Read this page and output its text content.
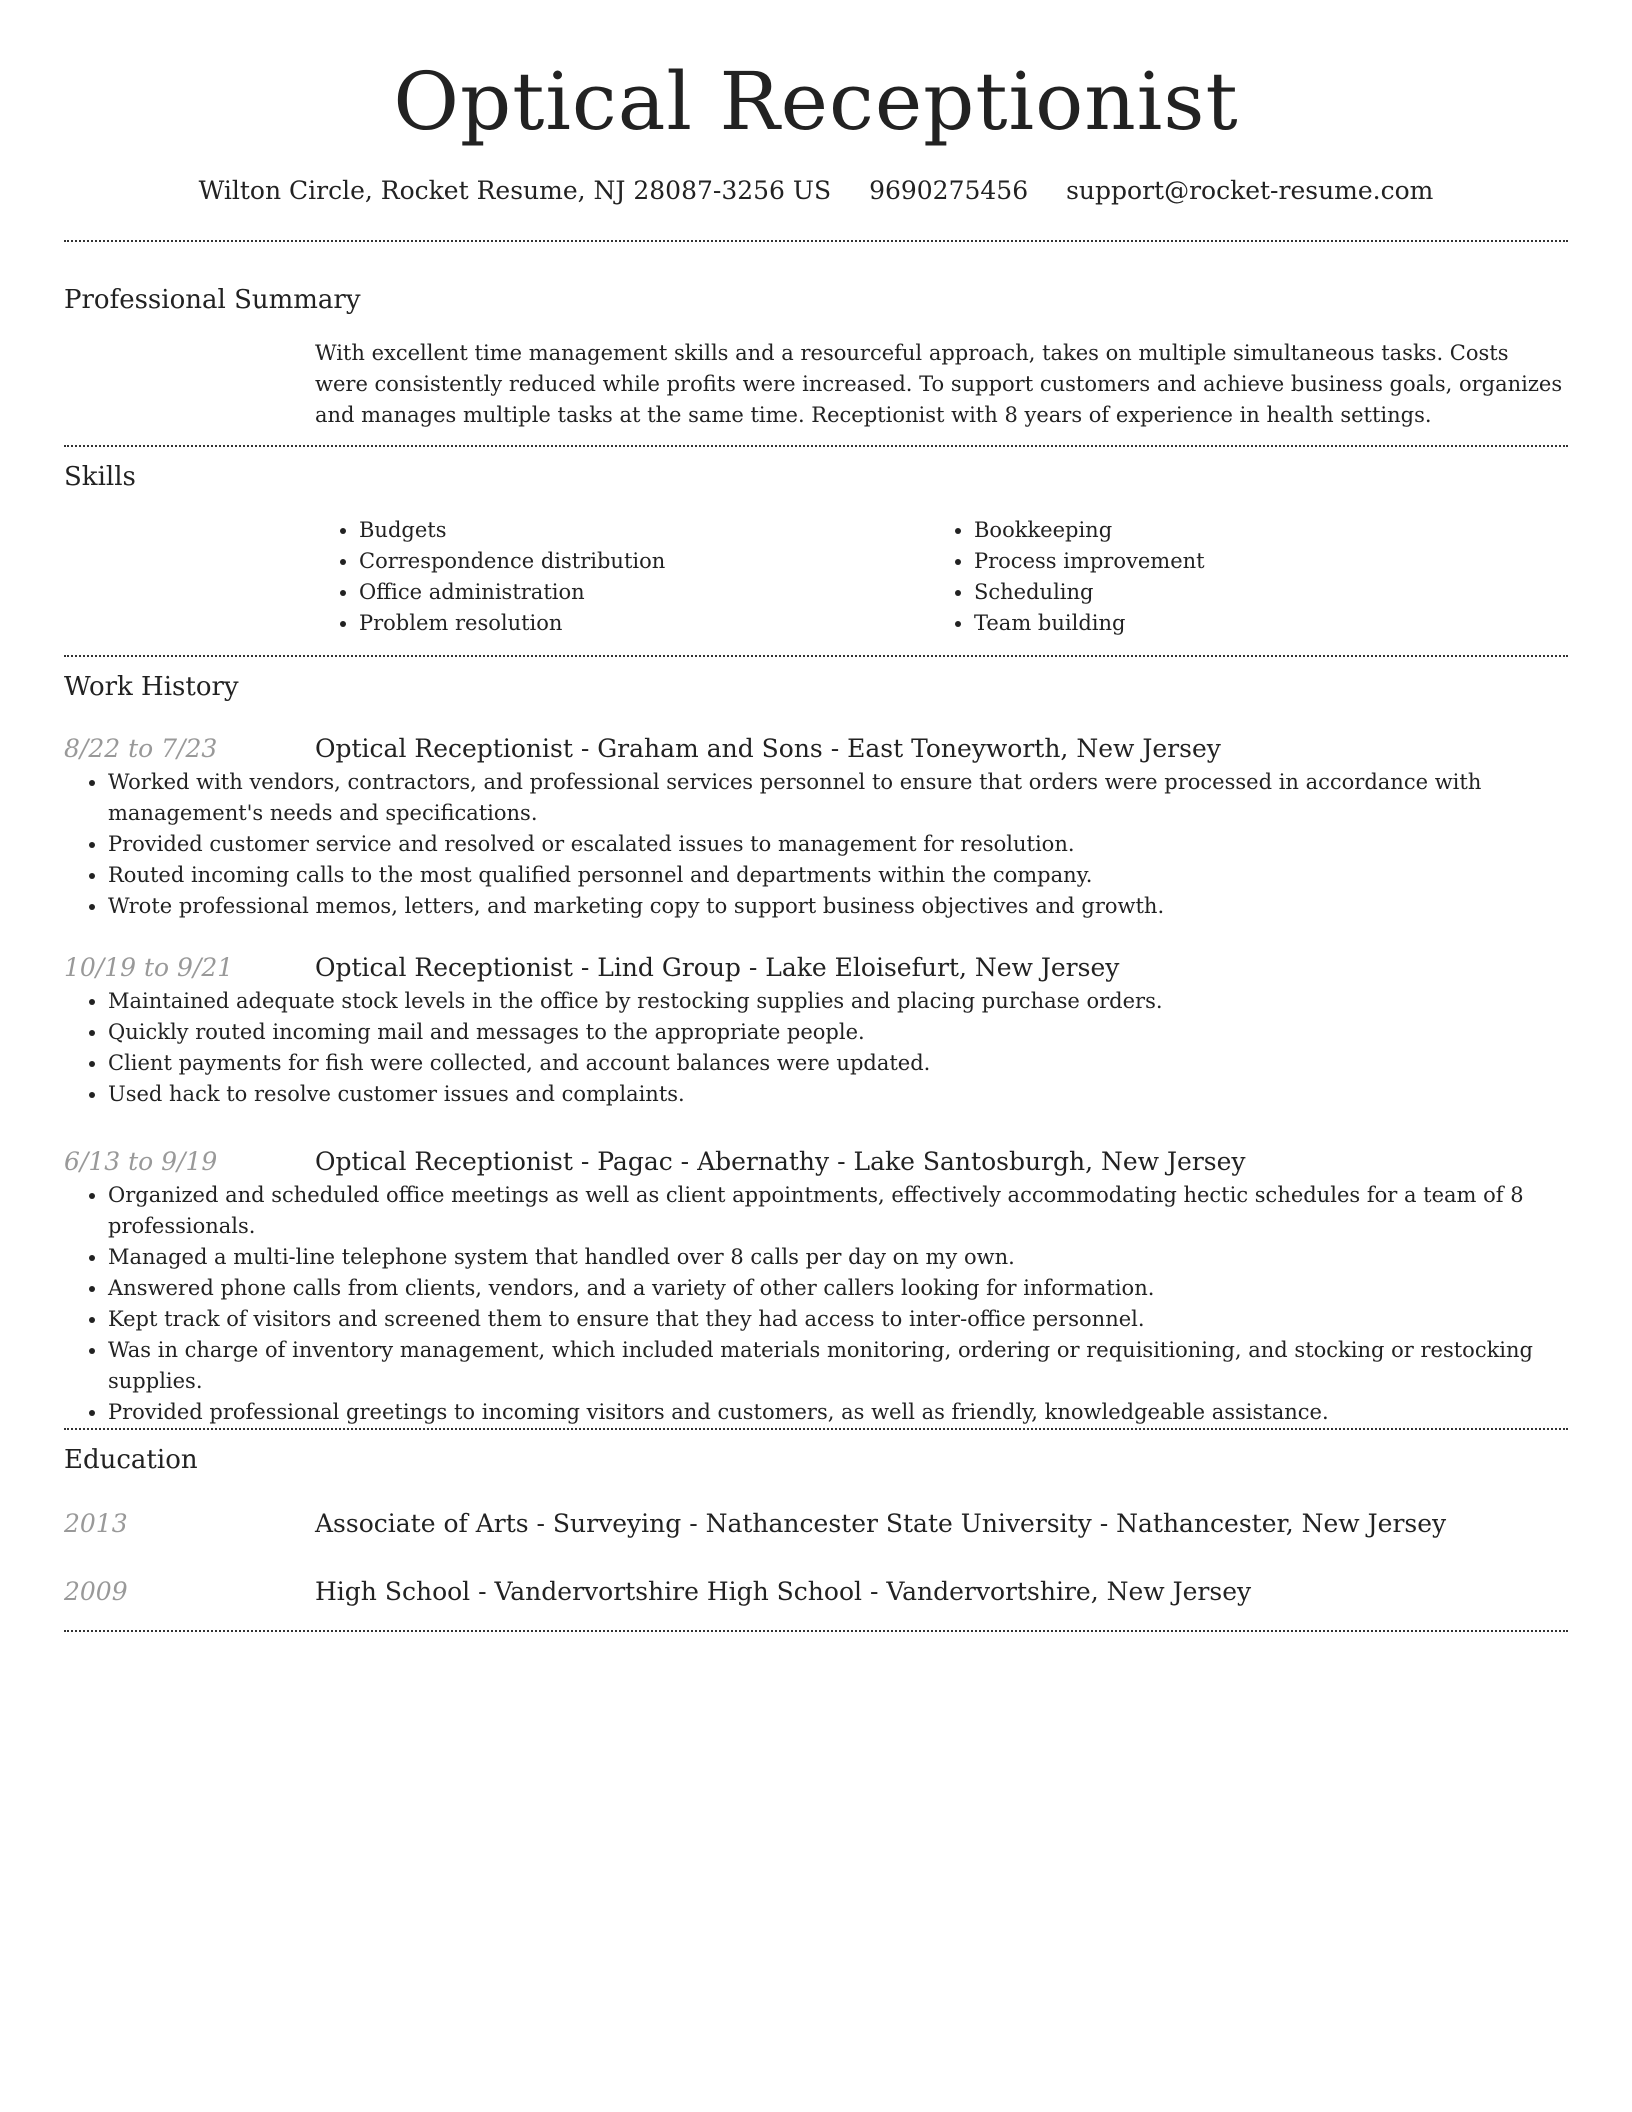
Optical Receptionist
Wilton Circle, Rocket Resume, NJ 28087-3256 US 9690275456 support@rocket-resume.com
Professional Summary

With excellent time management skills and a resourceful approach, takes on multiple simultaneous tasks. Costs were consistently reduced while profits were increased. To support customers and achieve business goals, organizes and manages multiple tasks at the same time. Receptionist with 8 years of experience in health settings.

Skills
• Budgets
• Correspondence distribution
• Office administration
• Problem resolution
• Bookkeeping
• Process improvement
• Scheduling
• Team building
Work History
8/22 to 7/23	Optical Receptionist - Graham and Sons - East Toneyworth, New Jersey
• Worked with vendors, contractors, and professional services personnel to ensure that orders were processed in accordance with management's needs and specifications.
• Provided customer service and resolved or escalated issues to management for resolution.
• Routed incoming calls to the most qualified personnel and departments within the company.
• Wrote professional memos, letters, and marketing copy to support business objectives and growth.
10/19 to 9/21	Optical Receptionist - Lind Group - Lake Eloisefurt, New Jersey
• Maintained adequate stock levels in the office by restocking supplies and placing purchase orders.
• Quickly routed incoming mail and messages to the appropriate people.
• Client payments for fish were collected, and account balances were updated.
• Used hack to resolve customer issues and complaints.
6/13 to 9/19	Optical Receptionist - Pagac - Abernathy - Lake Santosburgh, New Jersey
• Organized and scheduled office meetings as well as client appointments, effectively accommodating hectic schedules for a team of 8 professionals.
• Managed a multi-line telephone system that handled over 8 calls per day on my own.
• Answered phone calls from clients, vendors, and a variety of other callers looking for information.
• Kept track of visitors and screened them to ensure that they had access to inter-office personnel.
• Was in charge of inventory management, which included materials monitoring, ordering or requisitioning, and stocking or restocking supplies.
• Provided professional greetings to incoming visitors and customers, as well as friendly, knowledgeable assistance.
Education
2013	Associate of Arts - Surveying - Nathancester State University - Nathancester, New Jersey
2009	High School - Vandervortshire High School - Vandervortshire, New Jersey
